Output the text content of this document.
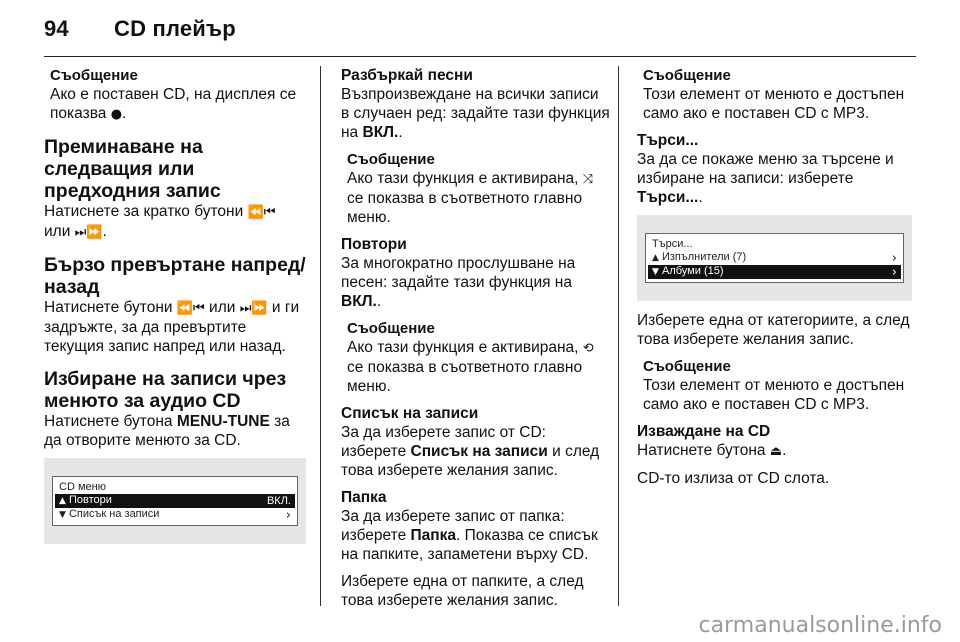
94 CD плейър
Съобщение
Ако е поставен CD, на дисплея се показва ●.
Преминаване на следващия или предходния запис
Натиснете за кратко бутони ⏪⏮
или ⏭⏩.
Бързо превъртане напред/ назад
Натиснете бутони ⏪⏮ или ⏭⏩ и ги задръжте, за да превъртите текущия запис напред или назад.
Избиране на записи чрез менюто за аудио CD
Натиснете бутона MENU-TUNE за да отворите менюто за CD.
CD меню
▲ Повтори	ВКЛ.
▼ Списък на записи	›
Разбъркай песни
Възпроизвеждане на всички записи в случаен ред: задайте тази функция на ВКЛ..
Съобщение
Ако тази функция е активирана, ⤨ се показва в съответното главно меню.
Повтори
За многократно прослушване на песен: задайте тази функция на ВКЛ..
Съобщение
Ако тази функция е активирана, ⟲ се показва в съответното главно меню.
Списък на записи
За да изберете запис от CD: изберете Списък на записи и след това изберете желания запис.
Папка
За да изберете запис от папка: изберете Папка. Показва се списък на папките, запаметени върху CD.
Изберете една от папките, а след това изберете желания запис.
Съобщение
Този елемент от менюто е достъпен само ако е поставен CD с MP3.
Търси...
За да се покаже меню за търсене и избиране на записи: изберете Търси....
Търси...
▲ Изпълнители (7)	›
▼ Албуми (15)	›
Изберете една от категориите, а след това изберете желания запис.
Съобщение
Този елемент от менюто е достъпен само ако е поставен CD с MP3.
Изваждане на CD
Натиснете бутона ⏏.
CD-то излиза от CD слота.
carmanualsonline.info
